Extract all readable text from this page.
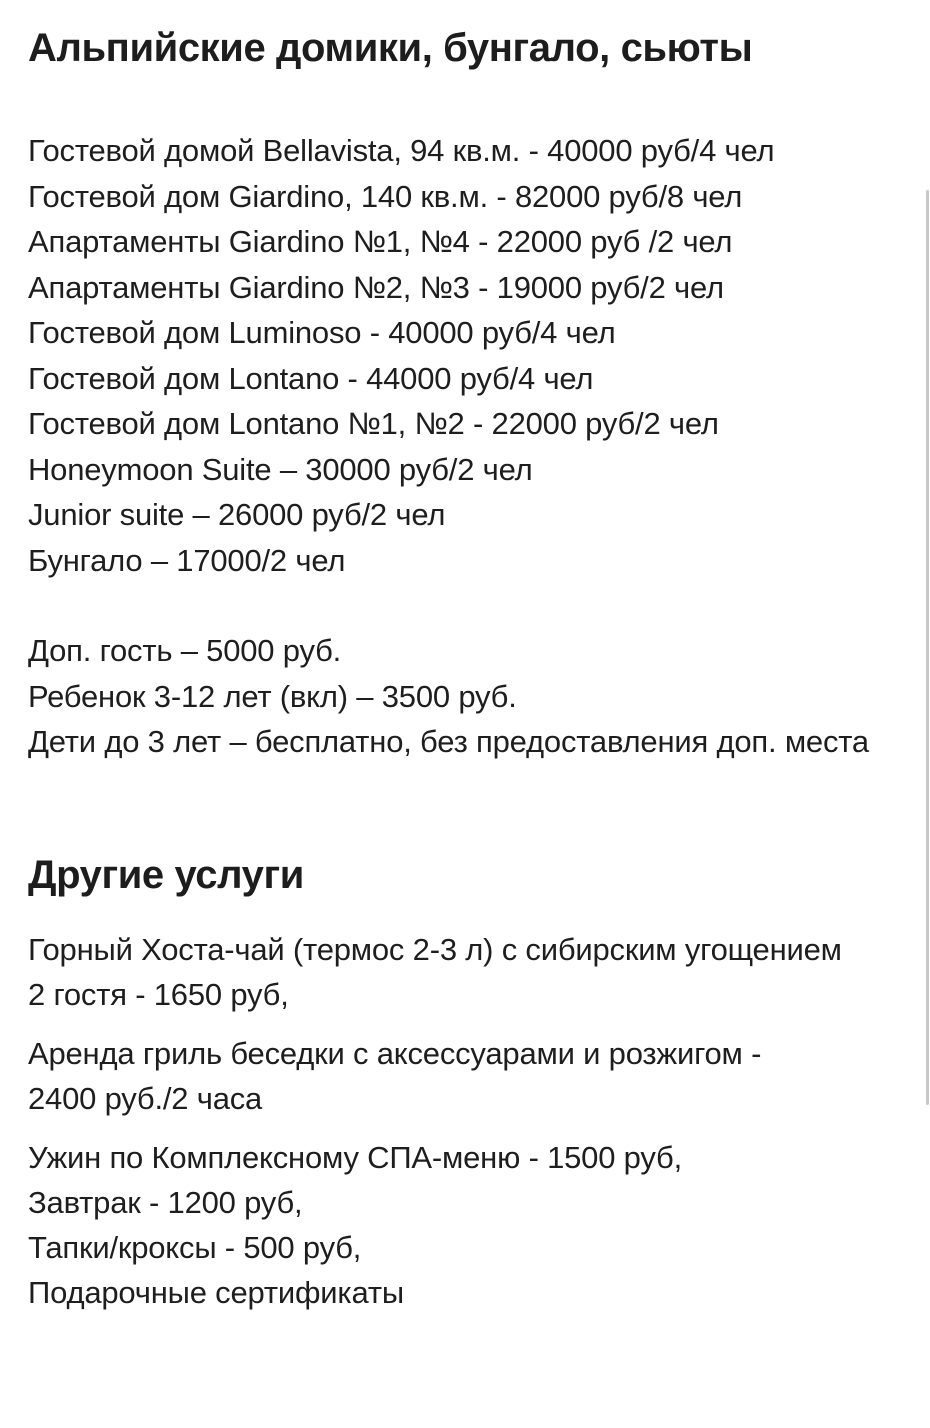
Альпийские домики, бунгало, сьюты

Гостевой домой Bellavista, 94 кв.м. - 40000 руб/4 чел

Гостевой дом Giardino, 140 кв.м. - 82000 руб/8 чел

Апартаменты Giardino №1, №4 - 22000 руб /2 чел

Апартаменты Giardino №2, №3 - 19000 руб/2 чел

Гостевой дом Luminoso - 40000 руб/4 чел

Гостевой дом Lontano - 44000 руб/4 чел

Гостевой дом Lontano №1, №2 - 22000 руб/2 чел

Honeymoon Suite – 30000 руб/2 чел

Junior suite – 26000 руб/2 чел

Бунгало – 17000/2 чел

Доп. гость – 5000 руб.

Ребенок 3-12 лет (вкл) – 3500 руб.

Дети до 3 лет – бесплатно, без предоставления доп. места

Другие услуги

Горный Хоста-чай (термос 2-3 л) с сибирским угощением

2 гостя - 1650 руб,

Аренда гриль беседки с аксессуарами и розжигом -

2400 руб./2 часа

Ужин по Комплексному СПА-меню - 1500 руб,

Завтрак - 1200 руб,

Тапки/кроксы - 500 руб,

Подарочные сертификаты
